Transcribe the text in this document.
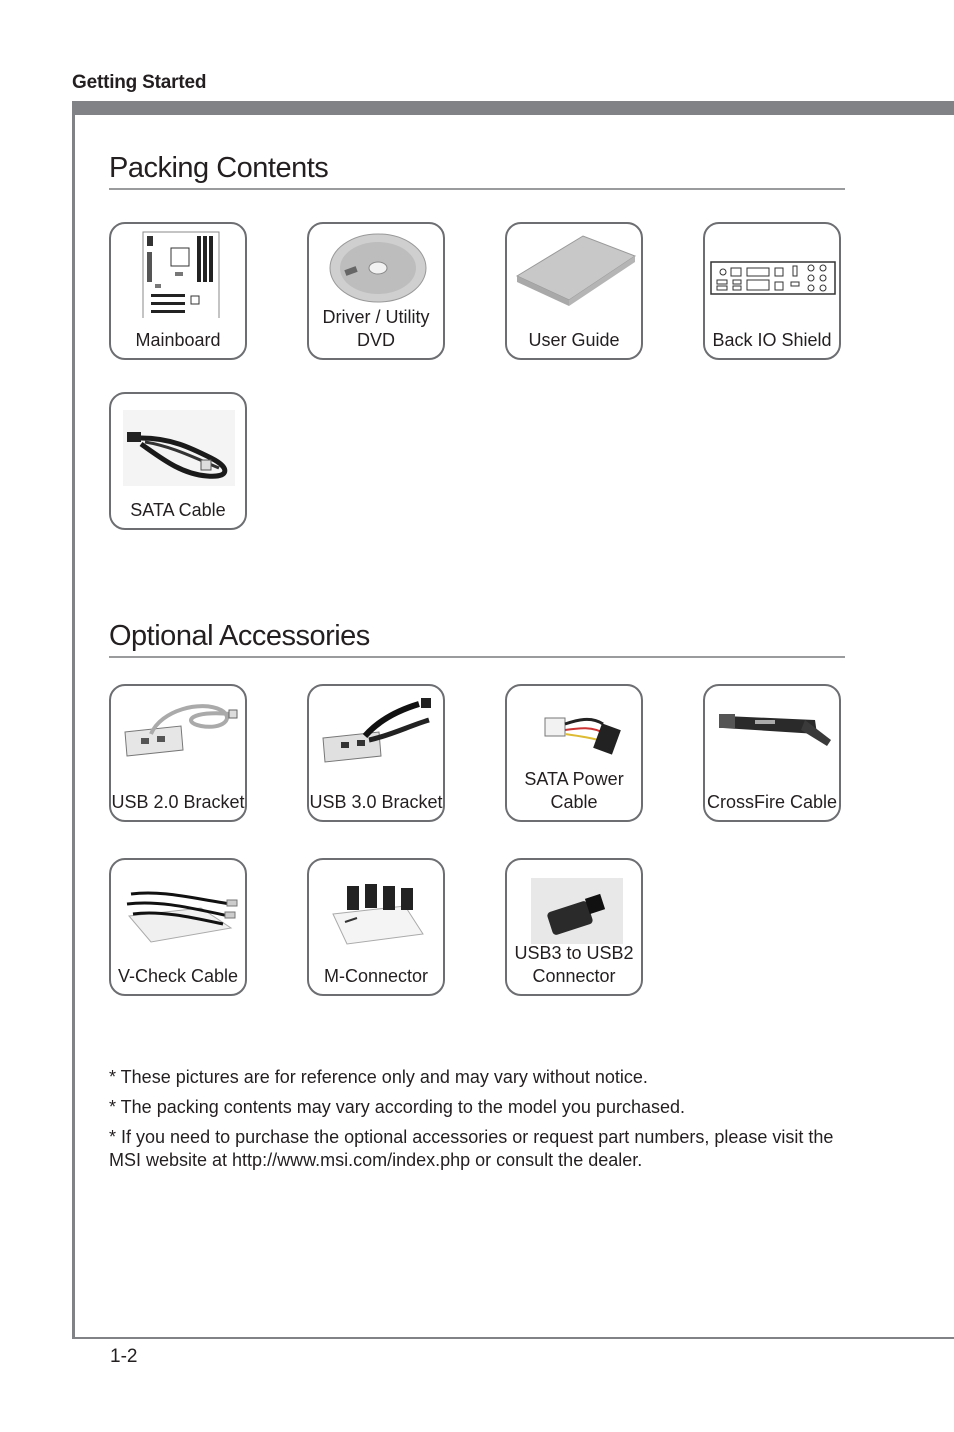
Getting Started
Packing Contents
Mainboard
Driver / Utility DVD	User Guide	Back IO Shield
SATA Cable
Optional Accessories
USB 2.0 Bracket	USB 3.0 Bracket
SATA Power Cable	CrossFire Cable
V-Check Cable	M-Connector
USB3 to USB2 Connector

* These pictures are for reference only and may vary without notice.

* The packing contents may vary according to the model you purchased.

* If you need to purchase the optional accessories or request part numbers, please visit the MSI website at http://www.msi.com/index.php or consult the dealer.

1-2
